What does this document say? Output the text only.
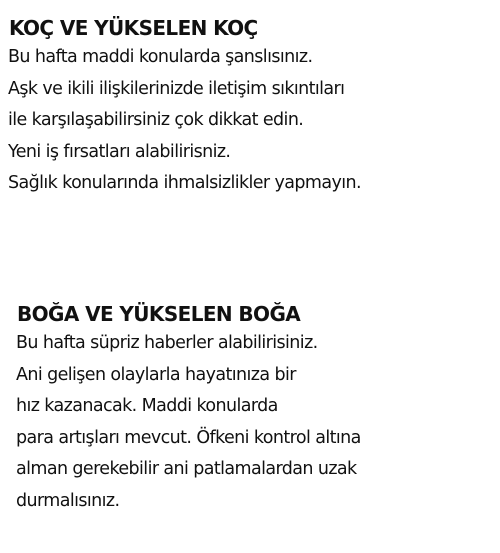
KOÇ VE YÜKSELEN KOÇ
Bu hafta maddi konularda şanslısınız.
Aşk ve ikili ilişkilerinizde iletişim sıkıntıları
ile karşılaşabilirsiniz çok dikkat edin.
Yeni iş fırsatları alabilirisniz.
Sağlık konularında ihmalsizlikler yapmayın.
BOĞA VE YÜKSELEN BOĞA
Bu hafta süpriz haberler alabilirisiniz.
Ani gelişen olaylarla hayatınıza bir
hız kazanacak. Maddi konularda
para artışları mevcut. Öfkeni kontrol altına
alman gerekebilir ani patlamalardan uzak
durmalısınız.
